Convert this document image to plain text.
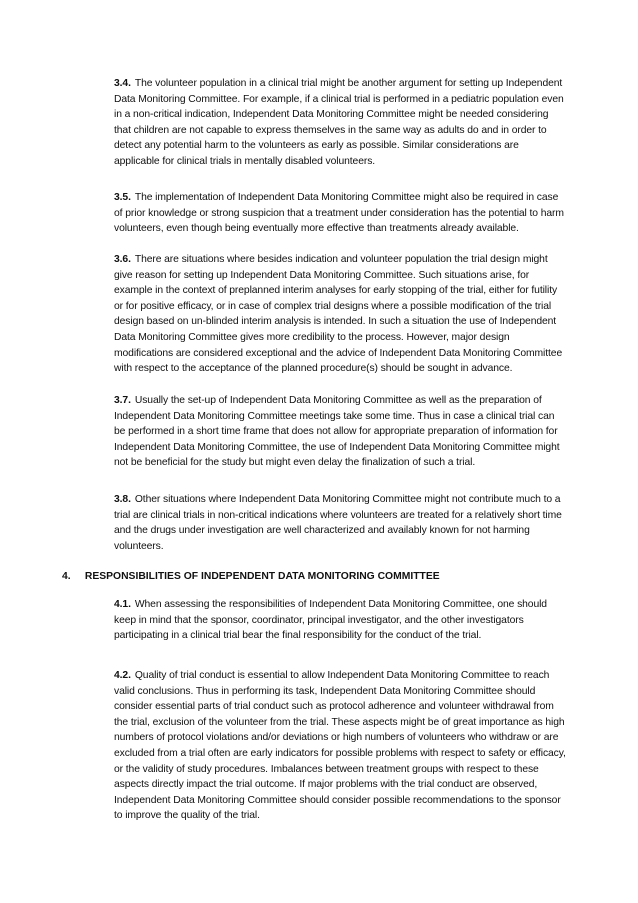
3.4. The volunteer population in a clinical trial might be another argument for setting up Independent Data Monitoring Committee. For example, if a clinical trial is performed in a pediatric population even in a non-critical indication, Independent Data Monitoring Committee might be needed considering that children are not capable to express themselves in the same way as adults do and in order to detect any potential harm to the volunteers as early as possible. Similar considerations are applicable for clinical trials in mentally disabled volunteers.

3.5. The implementation of Independent Data Monitoring Committee might also be required in case of prior knowledge or strong suspicion that a treatment under consideration has the potential to harm volunteers, even though being eventually more effective than treatments already available.

3.6. There are situations where besides indication and volunteer population the trial design might give reason for setting up Independent Data Monitoring Committee. Such situations arise, for example in the context of preplanned interim analyses for early stopping of the trial, either for futility or for positive efficacy, or in case of complex trial designs where a possible modification of the trial design based on un-blinded interim analysis is intended. In such a situation the use of Independent Data Monitoring Committee gives more credibility to the process. However, major design modifications are considered exceptional and the advice of Independent Data Monitoring Committee with respect to the acceptance of the planned procedure(s) should be sought in advance.

3.7. Usually the set-up of Independent Data Monitoring Committee as well as the preparation of Independent Data Monitoring Committee meetings take some time. Thus in case a clinical trial can be performed in a short time frame that does not allow for appropriate preparation of information for Independent Data Monitoring Committee, the use of Independent Data Monitoring Committee might not be beneficial for the study but might even delay the finalization of such a trial.

3.8. Other situations where Independent Data Monitoring Committee might not contribute much to a trial are clinical trials in non-critical indications where volunteers are treated for a relatively short time and the drugs under investigation are well characterized and availably known for not harming volunteers.

4. RESPONSIBILITIES OF INDEPENDENT DATA MONITORING COMMITTEE

4.1. When assessing the responsibilities of Independent Data Monitoring Committee, one should keep in mind that the sponsor, coordinator, principal investigator, and the other investigators participating in a clinical trial bear the final responsibility for the conduct of the trial.

4.2. Quality of trial conduct is essential to allow Independent Data Monitoring Committee to reach valid conclusions. Thus in performing its task, Independent Data Monitoring Committee should consider essential parts of trial conduct such as protocol adherence and volunteer withdrawal from the trial, exclusion of the volunteer from the trial. These aspects might be of great importance as high numbers of protocol violations and/or deviations or high numbers of volunteers who withdraw or are excluded from a trial often are early indicators for possible problems with respect to safety or efficacy, or the validity of study procedures. Imbalances between treatment groups with respect to these aspects directly impact the trial outcome. If major problems with the trial conduct are observed, Independent Data Monitoring Committee should consider possible recommendations to the sponsor to improve the quality of the trial.
